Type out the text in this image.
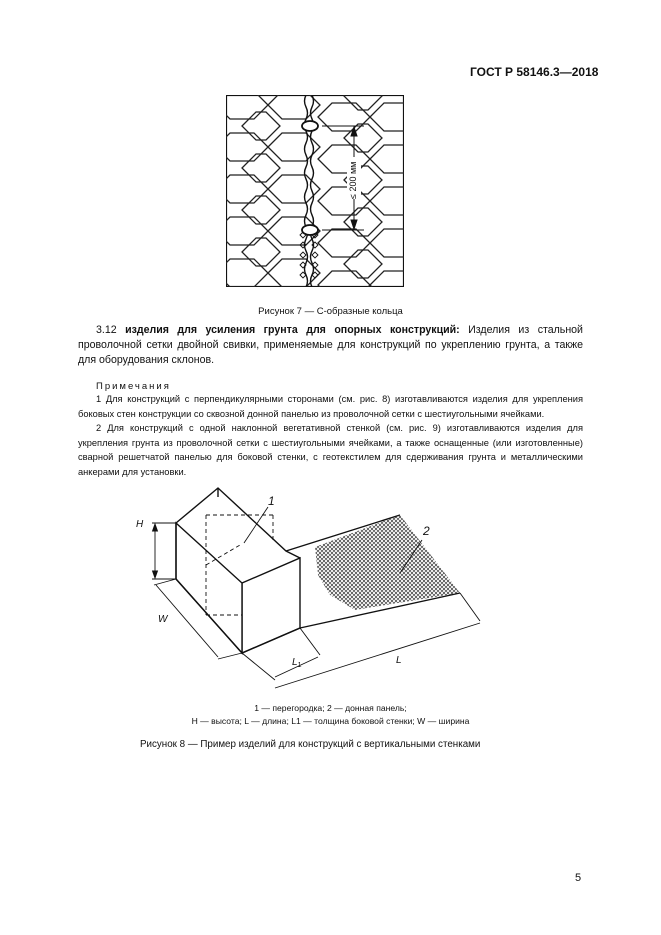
ГОСТ Р 58146.3—2018
≤ 200 мм
Рисунок 7 — С-образные кольца

3.12 изделия для усиления грунта для опорных конструкций: Изделия из стальной проволочной сетки двойной свивки, применяемые для конструкций по укреплению грунта, а также для оборудования склонов.

Примечания

1 Для конструкций с перпендикулярными сторонами (см. рис. 8) изготавливаются изделия для укрепления боковых стен конструкции со сквозной донной панелью из проволочной сетки с шестиугольными ячейками.

2 Для конструкций с одной наклонной вегетативной стенкой (см. рис. 9) изготавливаются изделия для укрепления грунта из проволочной сетки с шестиугольными ячейками, а также оснащенные (или изготовленные) сварной решетчатой панелью для боковой стенки, с геотекстилем для сдерживания грунта и металлическими анкерами для установки.

H
W
$L_1$	L
1
2
1 — перегородка; 2 — донная панель;
H — высота; L — длина; L1 — толщина боковой стенки; W — ширина
Рисунок 8 — Пример изделий для конструкций с вертикальными стенками
5
